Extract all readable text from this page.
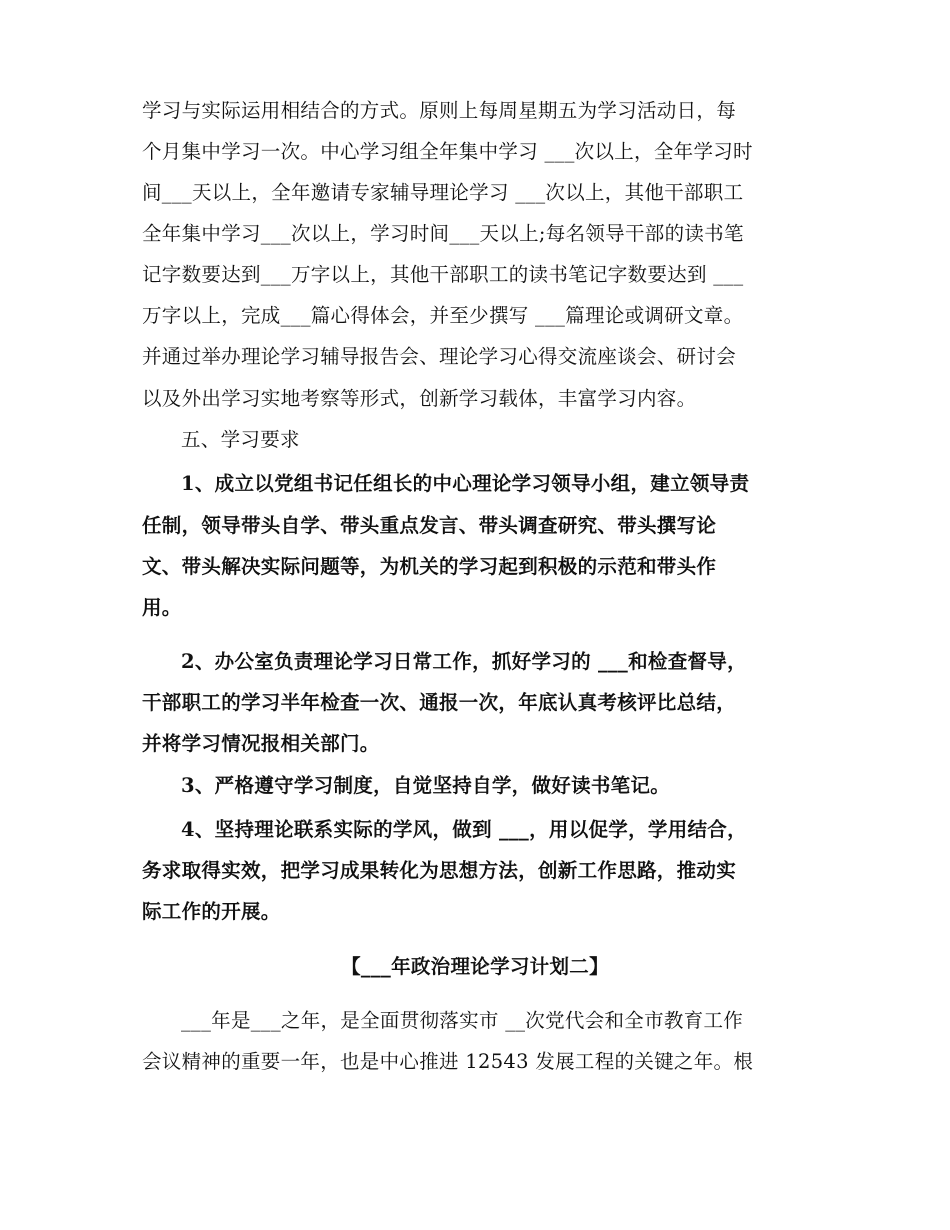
学习与实际运用相结合的方式。原则上每周星期五为学习活动日，每
个月集中学习一次。中心学习组全年集中学习 ___次以上，全年学习时
间___天以上，全年邀请专家辅导理论学习 ___次以上，其他干部职工
全年集中学习___次以上，学习时间___天以上;每名领导干部的读书笔
记字数要达到___万字以上，其他干部职工的读书笔记字数要达到 ___
万字以上，完成___篇心得体会，并至少撰写 ___篇理论或调研文章。
并通过举办理论学习辅导报告会、理论学习心得交流座谈会、研讨会
以及外出学习实地考察等形式，创新学习载体，丰富学习内容。
五、学习要求
1、成立以党组书记任组长的中心理论学习领导小组，建立领导责
任制，领导带头自学、带头重点发言、带头调查研究、带头撰写论
文、带头解决实际问题等，为机关的学习起到积极的示范和带头作
用。
2、办公室负责理论学习日常工作，抓好学习的 ___和检查督导，
干部职工的学习半年检查一次、通报一次，年底认真考核评比总结，
并将学习情况报相关部门。
3、严格遵守学习制度，自觉坚持自学，做好读书笔记。
4、坚持理论联系实际的学风，做到 ___，用以促学，学用结合，
务求取得实效，把学习成果转化为思想方法，创新工作思路，推动实
际工作的开展。
【___年政治理论学习计划二】
___年是___之年，是全面贯彻落实市 __次党代会和全市教育工作
会议精神的重要一年，也是中心推进 12543 发展工程的关键之年。根
